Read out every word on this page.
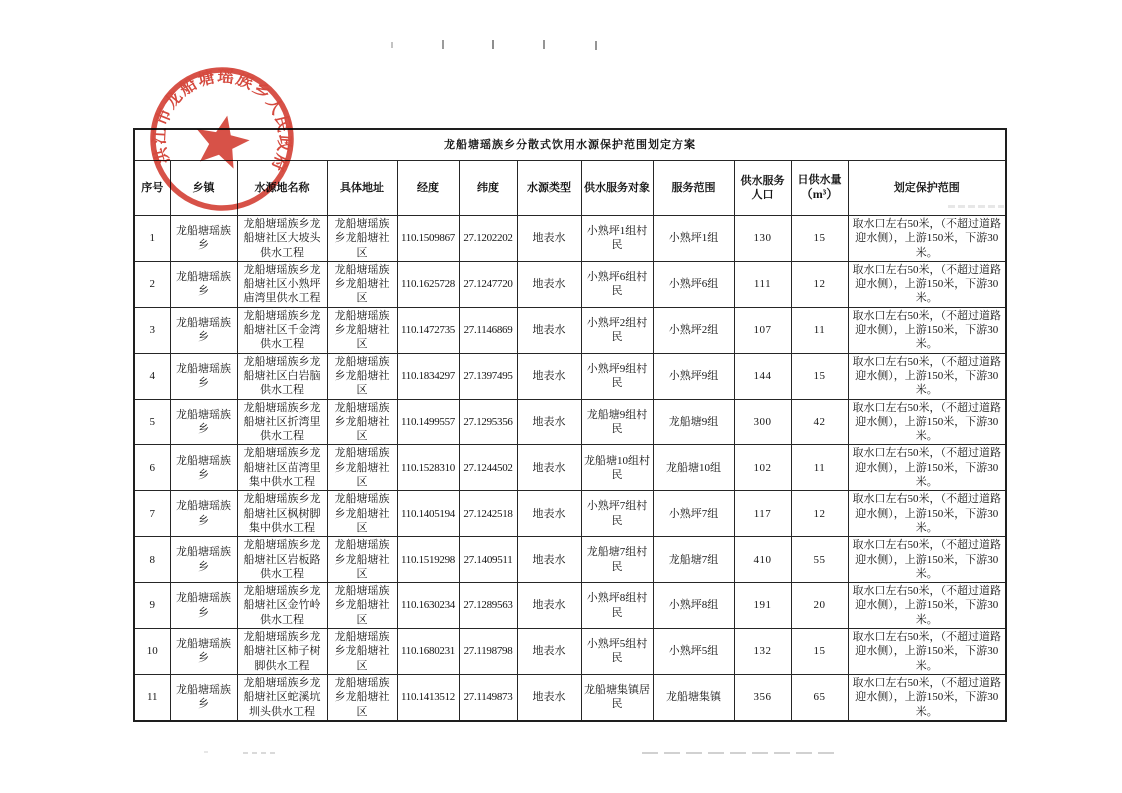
龙船塘瑶族乡分散式饮用水源保护范围划定方案											
序号	乡镇	水源地名称	具体地址	经度	纬度	水源类型	供水服务对象	服务范围	供水服务人口	日供水量
（m³）	划定保护范围
1	龙船塘瑶族乡	龙船塘瑶族乡龙船塘社区大坡头供水工程	龙船塘瑶族乡龙船塘社区	110.1509867	27.1202202	地表水	小熟坪1组村民	小熟坪1组	130	15	取水口左右50米，（不超过道路迎水侧），上游150米，下游30米。
2	龙船塘瑶族乡	龙船塘瑶族乡龙船塘社区小熟坪庙湾里供水工程	龙船塘瑶族乡龙船塘社区	110.1625728	27.1247720	地表水	小熟坪6组村民	小熟坪6组	111	12	取水口左右50米，（不超过道路迎水侧），上游150米，下游30米。
3	龙船塘瑶族乡	龙船塘瑶族乡龙船塘社区千金湾供水工程	龙船塘瑶族乡龙船塘社区	110.1472735	27.1146869	地表水	小熟坪2组村民	小熟坪2组	107	11	取水口左右50米，（不超过道路迎水侧），上游150米，下游30米。
4	龙船塘瑶族乡	龙船塘瑶族乡龙船塘社区白岩脑供水工程	龙船塘瑶族乡龙船塘社区	110.1834297	27.1397495	地表水	小熟坪9组村民	小熟坪9组	144	15	取水口左右50米，（不超过道路迎水侧），上游150米，下游30米。
5	龙船塘瑶族乡	龙船塘瑶族乡龙船塘社区折湾里供水工程	龙船塘瑶族乡龙船塘社区	110.1499557	27.1295356	地表水	龙船塘9组村民	龙船塘9组	300	42	取水口左右50米，（不超过道路迎水侧），上游150米，下游30米。
6	龙船塘瑶族乡	龙船塘瑶族乡龙船塘社区苗湾里集中供水工程	龙船塘瑶族乡龙船塘社区	110.1528310	27.1244502	地表水	龙船塘10组村民	龙船塘10组	102	11	取水口左右50米，（不超过道路迎水侧），上游150米，下游30米。
7	龙船塘瑶族乡	龙船塘瑶族乡龙船塘社区枫树脚集中供水工程	龙船塘瑶族乡龙船塘社区	110.1405194	27.1242518	地表水	小熟坪7组村民	小熟坪7组	117	12	取水口左右50米，（不超过道路迎水侧），上游150米，下游30米。
8	龙船塘瑶族乡	龙船塘瑶族乡龙船塘社区岩板路供水工程	龙船塘瑶族乡龙船塘社区	110.1519298	27.1409511	地表水	龙船塘7组村民	龙船塘7组	410	55	取水口左右50米，（不超过道路迎水侧），上游150米，下游30米。
9	龙船塘瑶族乡	龙船塘瑶族乡龙船塘社区金竹岭供水工程	龙船塘瑶族乡龙船塘社区	110.1630234	27.1289563	地表水	小熟坪8组村民	小熟坪8组	191	20	取水口左右50米，（不超过道路迎水侧），上游150米，下游30米。
10	龙船塘瑶族乡	龙船塘瑶族乡龙船塘社区柿子树脚供水工程	龙船塘瑶族乡龙船塘社区	110.1680231	27.1198798	地表水	小熟坪5组村民	小熟坪5组	132	15	取水口左右50米，（不超过道路迎水侧），上游150米，下游30米。
11	龙船塘瑶族乡	龙船塘瑶族乡龙船塘社区蛇溪坑圳头供水工程	龙船塘瑶族乡龙船塘社区	110.1413512	27.1149873	地表水	龙船塘集镇居民	龙船塘集镇	356	65	取水口左右50米，（不超过道路迎水侧），上游150米，下游30米。
洪江市龙船塘瑶族乡人民政府
